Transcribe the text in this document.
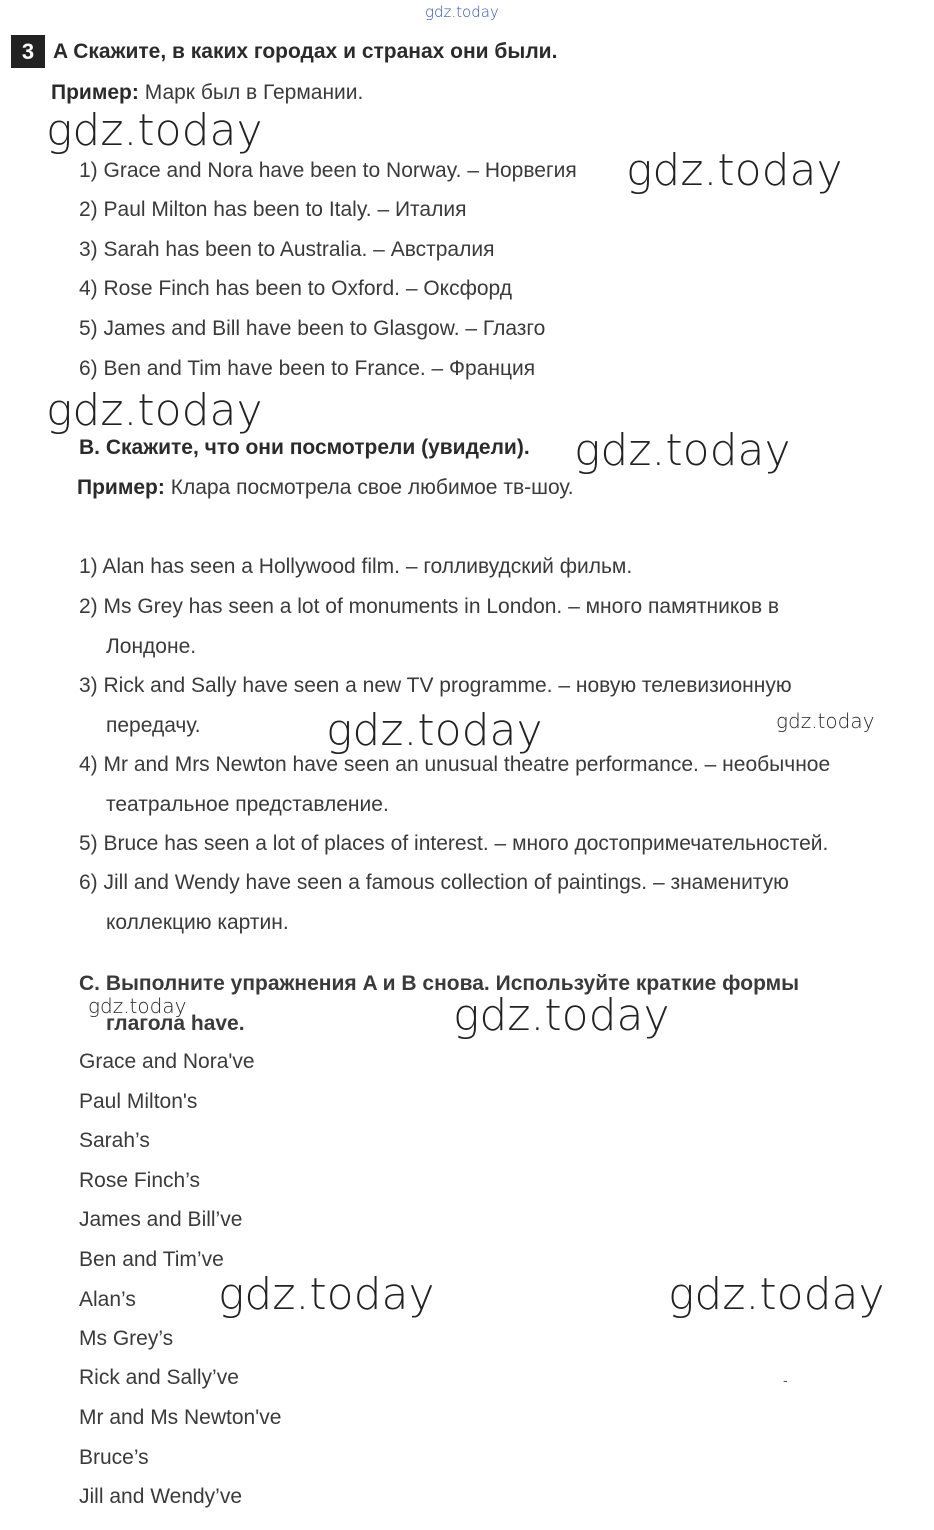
gdz.today
3 A Скажите, в каких городах и странах они были.
Пример: Марк был в Германии.
1) Grace and Nora have been to Norway. – Норвегия
2) Paul Milton has been to Italy. – Италия
3) Sarah has been to Australia. – Австралия
4) Rose Finch has been to Oxford. – Оксфорд
5) James and Bill have been to Glasgow. – Глазго
6) Ben and Tim have been to France. – Франция
B. Скажите, что они посмотрели (увидели).
Пример: Клара посмотрела свое любимое тв-шоу.
1) Alan has seen a Hollywood film. – голливудский фильм.
2) Ms Grey has seen a lot of monuments in London. – много памятников в
Лондоне.
3) Rick and Sally have seen a new TV programme. – новую телевизионную
передачу.
4) Mr and Mrs Newton have seen an unusual theatre performance. – необычное
театральное представление.
5) Bruce has seen a lot of places of interest. – много достопримечательностей.
6) Jill and Wendy have seen a famous collection of paintings. – знаменитую
коллекцию картин.
C. Выполните упражнения A и B снова. Используйте краткие формы
глагола have.
Grace and Nora've
Paul Milton's
Sarah’s
Rose Finch’s
James and Bill’ve
Ben and Tim’ve
Alan’s
Ms Grey’s
Rick and Sally’ve
Mr and Ms Newton've
Bruce’s
Jill and Wendy’ve
-
gdz.today
gdz.today
gdz.today
gdz.today
gdz.today	gdz.today
gdz.today	gdz.today
gdz.today	gdz.today
